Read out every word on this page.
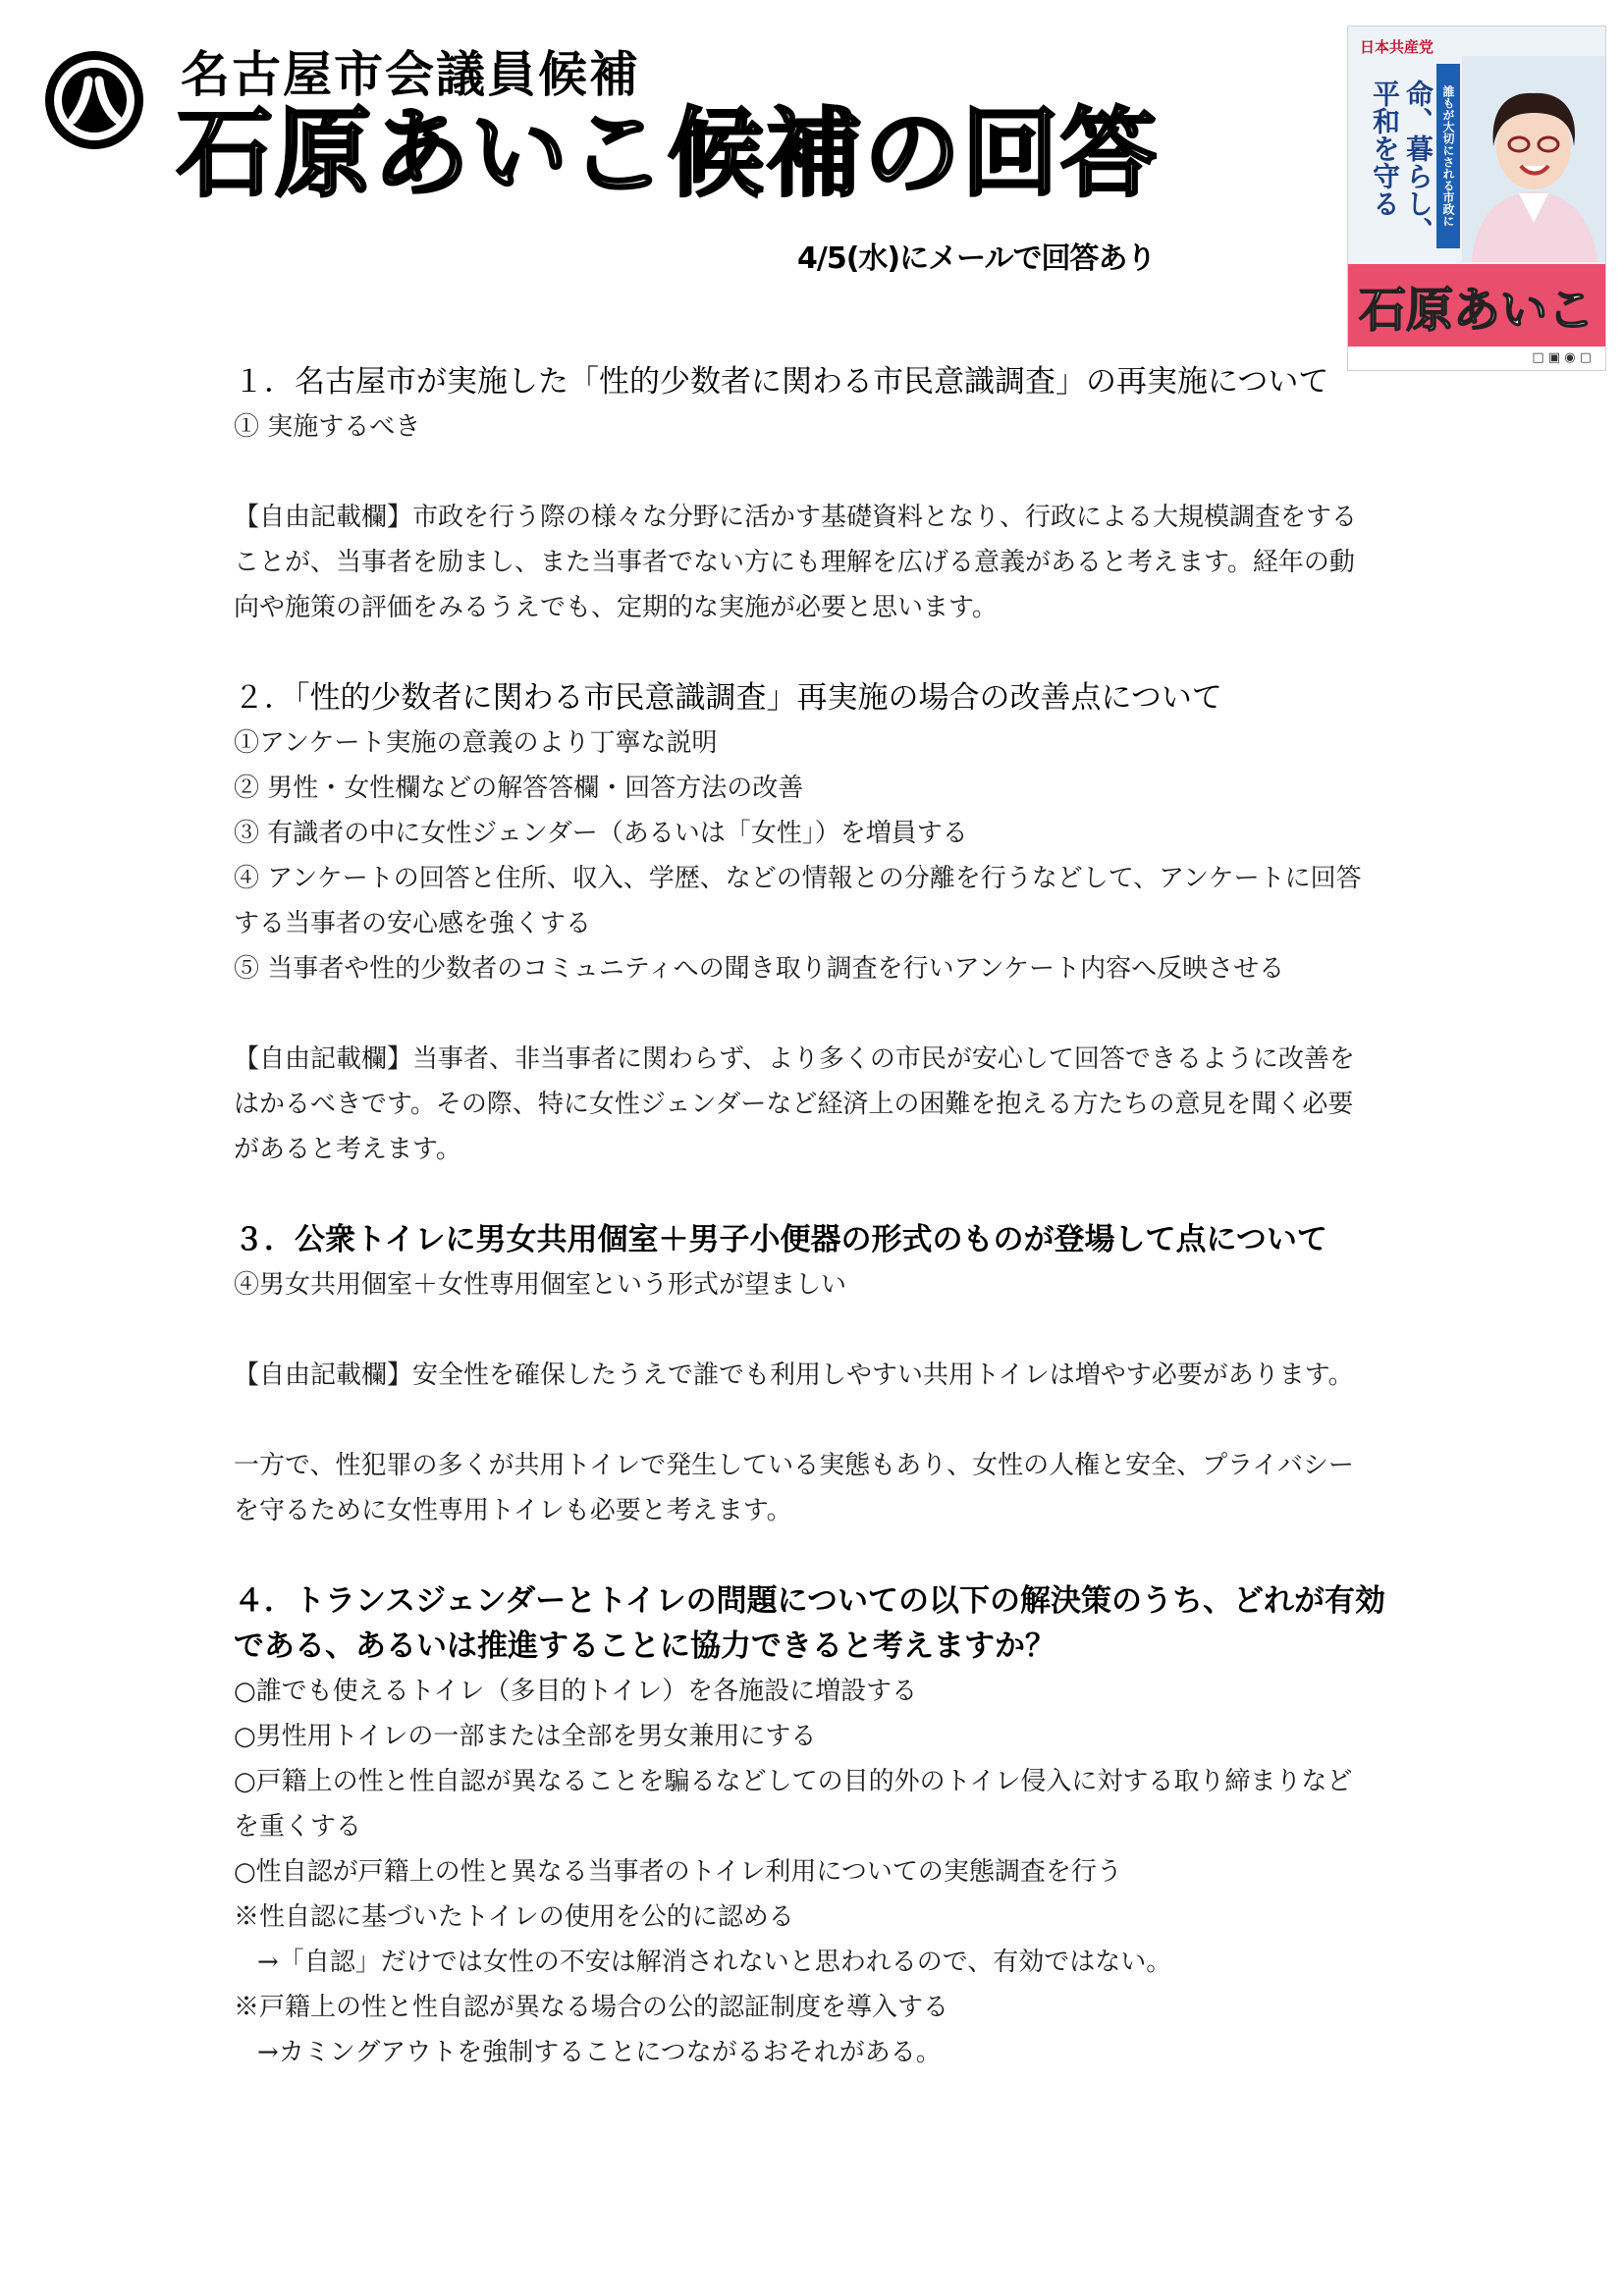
名古屋市会議員候補
石原あいこ候補の回答
4/5(水)にメールで回答あり
日本共産党
命、暮らし、平和を守る	誰もが大切にされる市政に
石原あいこ
□ ▣ ◉ ▢

１．名古屋市が実施した「性的少数者に関わる市民意識調査」の再実施について

① 実施するべき

【自由記載欄】市政を行う際の様々な分野に活かす基礎資料となり、行政による大規模調査をする

ことが、当事者を励まし、また当事者でない方にも理解を広げる意義があると考えます。経年の動

向や施策の評価をみるうえでも、定期的な実施が必要と思います。

２．「性的少数者に関わる市民意識調査」再実施の場合の改善点について

①アンケート実施の意義のより丁寧な説明

② 男性・女性欄などの解答答欄・回答方法の改善

③ 有識者の中に女性ジェンダー（あるいは「女性」）を増員する

④ アンケートの回答と住所、収入、学歴、などの情報との分離を行うなどして、アンケートに回答

する当事者の安心感を強くする

⑤ 当事者や性的少数者のコミュニティへの聞き取り調査を行いアンケート内容へ反映させる

【自由記載欄】当事者、非当事者に関わらず、より多くの市民が安心して回答できるように改善を

はかるべきです。その際、特に女性ジェンダーなど経済上の困難を抱える方たちの意見を聞く必要

があると考えます。

３．公衆トイレに男女共用個室＋男子小便器の形式のものが登場して点について

④男女共用個室＋女性専用個室という形式が望ましい

【自由記載欄】安全性を確保したうえで誰でも利用しやすい共用トイレは増やす必要があります。

一方で、性犯罪の多くが共用トイレで発生している実態もあり、女性の人権と安全、プライバシー

を守るために女性専用トイレも必要と考えます。

４．トランスジェンダーとトイレの問題についての以下の解決策のうち、どれが有効

である、あるいは推進することに協力できると考えますか？

○誰でも使えるトイレ（多目的トイレ）を各施設に増設する

○男性用トイレの一部または全部を男女兼用にする

○戸籍上の性と性自認が異なることを騙るなどしての目的外のトイレ侵入に対する取り締まりなど

を重くする

○性自認が戸籍上の性と異なる当事者のトイレ利用についての実態調査を行う

※性自認に基づいたトイレの使用を公的に認める

→「自認」だけでは女性の不安は解消されないと思われるので、有効ではない。

※戸籍上の性と性自認が異なる場合の公的認証制度を導入する

→カミングアウトを強制することにつながるおそれがある。
